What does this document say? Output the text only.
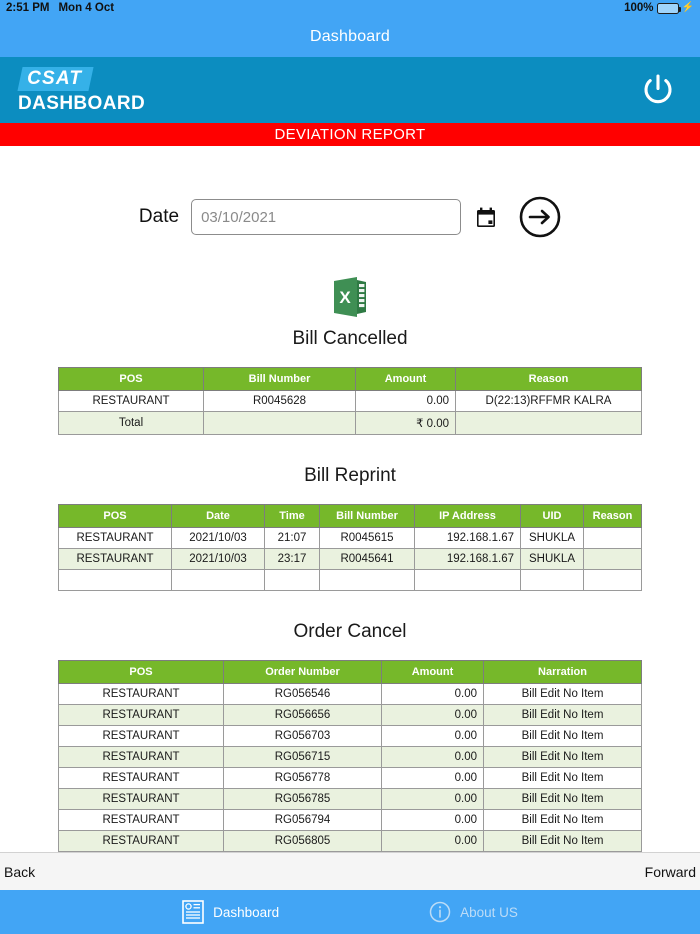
2:51 PM Mon 4 Oct	100%	⚡
Dashboard
CSAT
DASHBOARD
DEVIATION REPORT
Date
03/10/2021
X
Bill Cancelled
POS	Bill Number	Amount	Reason
RESTAURANT	R0045628	0.00	D(22:13)RFFMR KALRA
Total		₹ 0.00	
Bill Reprint
POS	Date	Time	Bill Number	IP Address	UID	Reason
RESTAURANT	2021/10/03	21:07	R0045615	192.168.1.67	SHUKLA	
RESTAURANT	2021/10/03	23:17	R0045641	192.168.1.67	SHUKLA	

Order Cancel
POS	Order Number	Amount	Narration
RESTAURANT	RG056546	0.00	Bill Edit No Item
RESTAURANT	RG056656	0.00	Bill Edit No Item
RESTAURANT	RG056703	0.00	Bill Edit No Item
RESTAURANT	RG056715	0.00	Bill Edit No Item
RESTAURANT	RG056778	0.00	Bill Edit No Item
RESTAURANT	RG056785	0.00	Bill Edit No Item
RESTAURANT	RG056794	0.00	Bill Edit No Item
RESTAURANT	RG056805	0.00	Bill Edit No Item
Back	Forward
Dashboard	About US
